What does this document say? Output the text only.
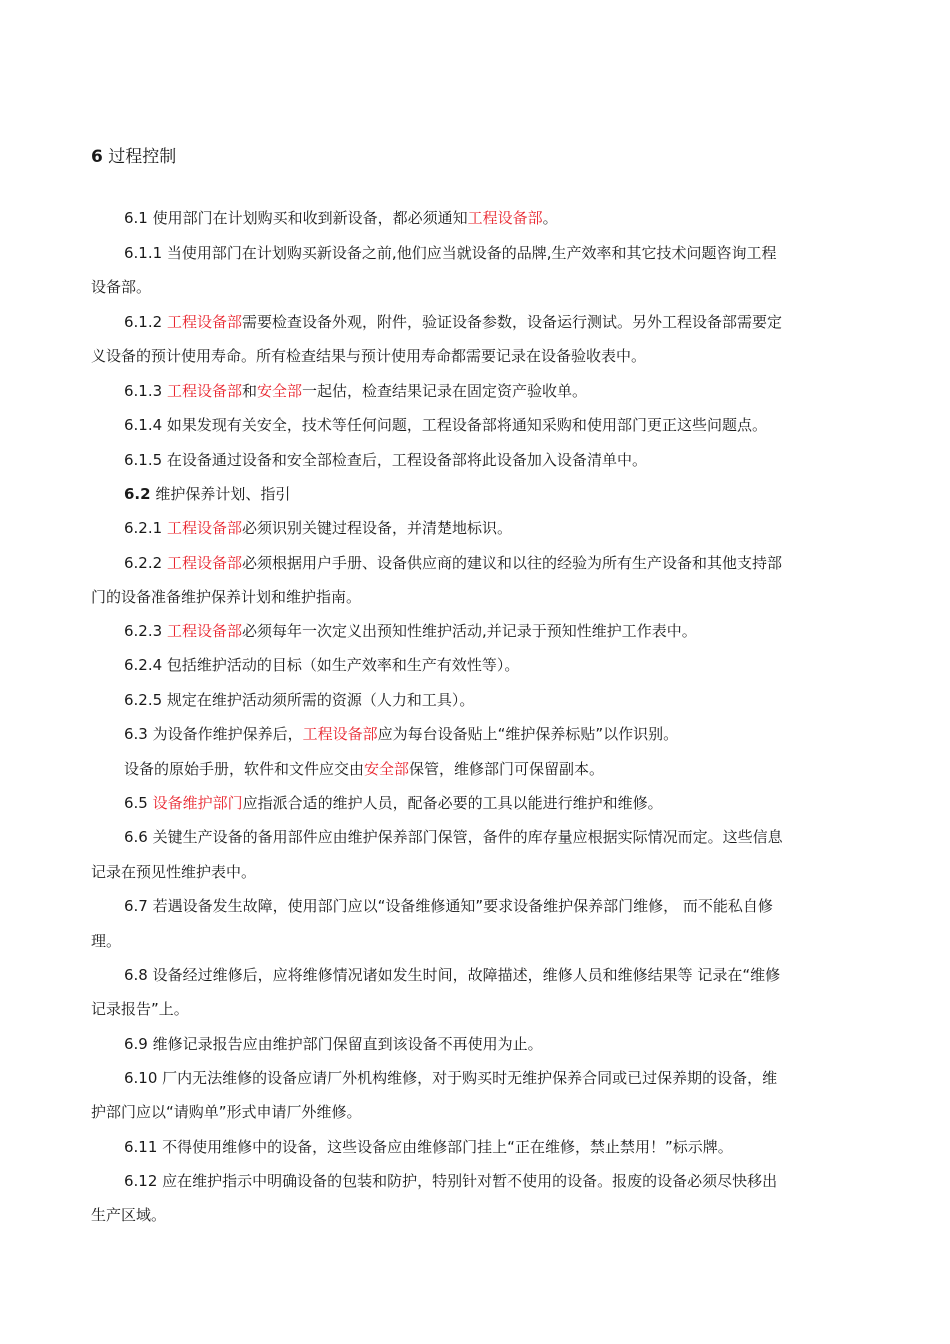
6 过程控制
6.1 使用部门在计划购买和收到新设备，都必须通知工程设备部。
6.1.1 当使用部门在计划购买新设备之前,他们应当就设备的品牌,生产效率和其它技术问题咨询工程
设备部。
6.1.2 工程设备部需要检查设备外观，附件，验证设备参数，设备运行测试。另外工程设备部需要定
义设备的预计使用寿命。所有检查结果与预计使用寿命都需要记录在设备验收表中。
6.1.3 工程设备部和安全部一起估，检查结果记录在固定资产验收单。
6.1.4 如果发现有关安全，技术等任何问题，工程设备部将通知采购和使用部门更正这些问题点。
6.1.5 在设备通过设备和安全部检查后，工程设备部将此设备加入设备清单中。
6.2 维护保养计划、指引
6.2.1 工程设备部必须识别关键过程设备，并清楚地标识。
6.2.2 工程设备部必须根据用户手册、设备供应商的建议和以往的经验为所有生产设备和其他支持部
门的设备准备维护保养计划和维护指南。
6.2.3 工程设备部必须每年一次定义出预知性维护活动,并记录于预知性维护工作表中。
6.2.4 包括维护活动的目标（如生产效率和生产有效性等）。
6.2.5 规定在维护活动须所需的资源（人力和工具）。
6.3 为设备作维护保养后，工程设备部应为每台设备贴上“维护保养标贴”以作识别。
设备的原始手册，软件和文件应交由安全部保管，维修部门可保留副本。
6.5 设备维护部门应指派合适的维护人员，配备必要的工具以能进行维护和维修。
6.6 关键生产设备的备用部件应由维护保养部门保管，备件的库存量应根据实际情况而定。这些信息
记录在预见性维护表中。
6.7 若遇设备发生故障，使用部门应以“设备维修通知”要求设备维护保养部门维修， 而不能私自修
理。
6.8 设备经过维修后，应将维修情况诸如发生时间，故障描述，维修人员和维修结果等 记录在“维修
记录报告”上。
6.9 维修记录报告应由维护部门保留直到该设备不再使用为止。
6.10 厂内无法维修的设备应请厂外机构维修，对于购买时无维护保养合同或已过保养期的设备，维
护部门应以“请购单”形式申请厂外维修。
6.11 不得使用维修中的设备，这些设备应由维修部门挂上“正在维修，禁止禁用！”标示牌。
6.12 应在维护指示中明确设备的包装和防护，特别针对暂不使用的设备。报废的设备必须尽快移出
生产区域。
